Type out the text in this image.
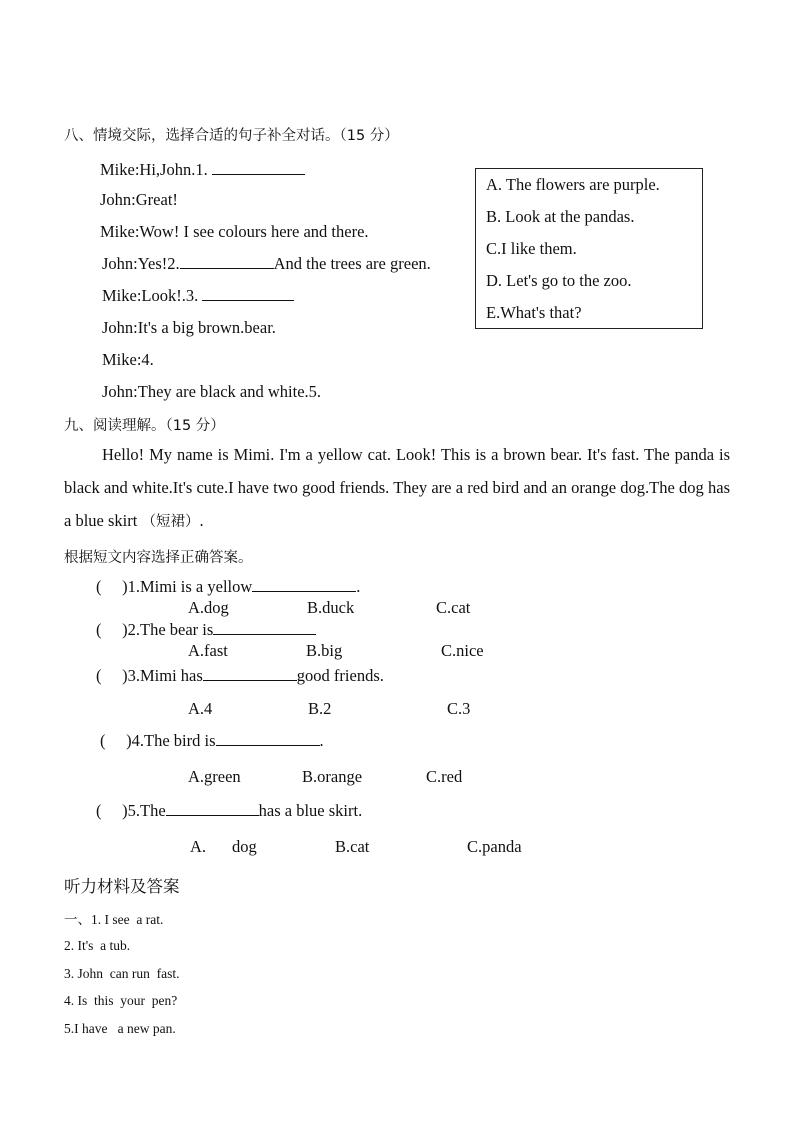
八、情境交际，选择合适的句子补全对话。（15 分）
Mike:Hi,John.1.
John:Great!
Mike:Wow! I see colours here and there.
John:Yes!2.	And the trees are green.
Mike:Look!.3.
John:It's a big brown.bear.
Mike:4.
John:They are black and white.5.
A. The flowers are purple.
B. Look at the pandas.
C.I like them.
D. Let's go to the zoo.
E.What's that?
九、阅读理解。（15 分）
Hello! My name is Mimi. I'm a yellow cat. Look! This is a brown bear. It's fast. The panda is black and white.It's cute.I have two good friends. They are a red bird and an orange dog.The dog has a blue skirt （短裙）.
根据短文内容选择正确答案。
(     )1.Mimi is a yellow	.
A.dog	B.duck	C.cat
(     )2.The bear is
A.fast	B.big	C.nice
(     )3.Mimi has	good friends.
A.4	B.2	C.3
(     )4.The bird is	.
A.green	B.orange	C.red
(     )5.The	has a blue skirt.
A. dog	B.cat	C.panda
听力材料及答案
一、1. I see  a rat.
2. It's  a tub.
3. John  can run  fast.
4. Is  this  your  pen?
5.I have   a new pan.
